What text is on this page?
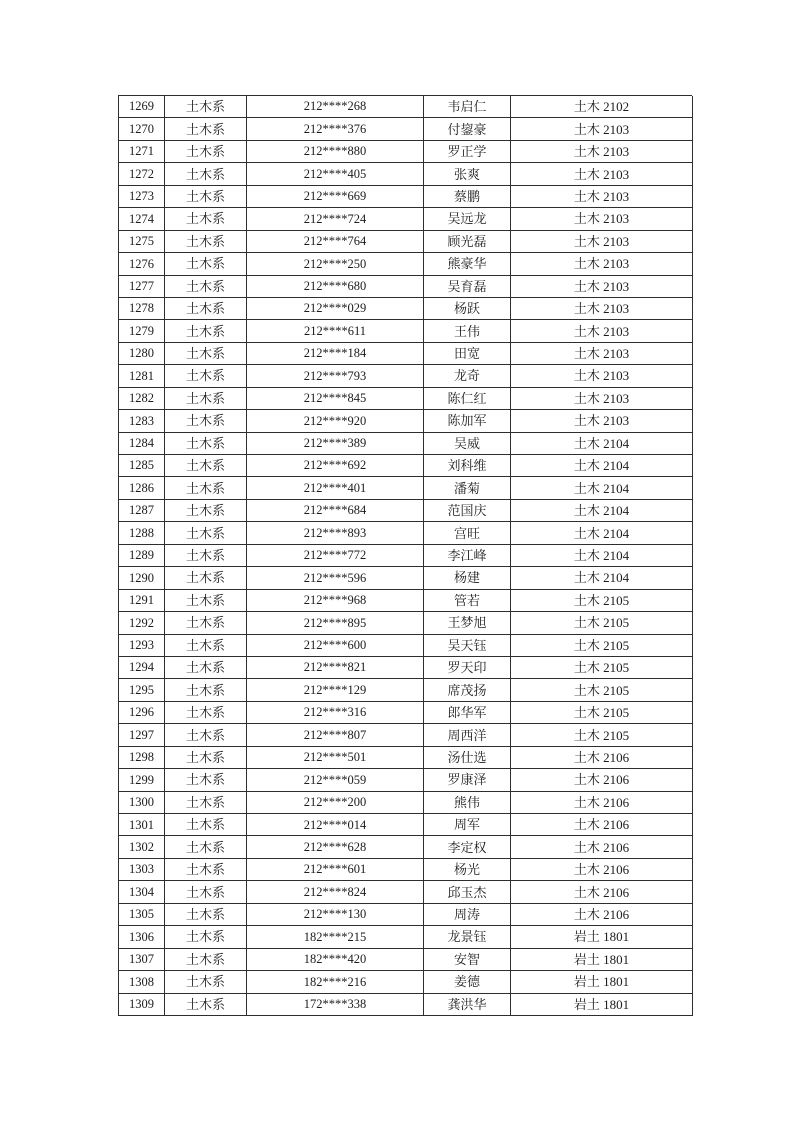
1269	土木系	212****268	韦启仁	土木 2102
1270	土木系	212****376	付鋆豪	土木 2103
1271	土木系	212****880	罗正学	土木 2103
1272	土木系	212****405	张爽	土木 2103
1273	土木系	212****669	蔡鹏	土木 2103
1274	土木系	212****724	吴远龙	土木 2103
1275	土木系	212****764	顾光磊	土木 2103
1276	土木系	212****250	熊豪华	土木 2103
1277	土木系	212****680	吴育磊	土木 2103
1278	土木系	212****029	杨跃	土木 2103
1279	土木系	212****611	王伟	土木 2103
1280	土木系	212****184	田宽	土木 2103
1281	土木系	212****793	龙奇	土木 2103
1282	土木系	212****845	陈仁红	土木 2103
1283	土木系	212****920	陈加军	土木 2103
1284	土木系	212****389	吴威	土木 2104
1285	土木系	212****692	刘科维	土木 2104
1286	土木系	212****401	潘菊	土木 2104
1287	土木系	212****684	范国庆	土木 2104
1288	土木系	212****893	宫旺	土木 2104
1289	土木系	212****772	李江峰	土木 2104
1290	土木系	212****596	杨建	土木 2104
1291	土木系	212****968	管若	土木 2105
1292	土木系	212****895	王梦旭	土木 2105
1293	土木系	212****600	吴天钰	土木 2105
1294	土木系	212****821	罗天印	土木 2105
1295	土木系	212****129	席茂扬	土木 2105
1296	土木系	212****316	郎华军	土木 2105
1297	土木系	212****807	周西洋	土木 2105
1298	土木系	212****501	汤仕选	土木 2106
1299	土木系	212****059	罗康泽	土木 2106
1300	土木系	212****200	熊伟	土木 2106
1301	土木系	212****014	周军	土木 2106
1302	土木系	212****628	李定权	土木 2106
1303	土木系	212****601	杨光	土木 2106
1304	土木系	212****824	邱玉杰	土木 2106
1305	土木系	212****130	周涛	土木 2106
1306	土木系	182****215	龙景钰	岩土 1801
1307	土木系	182****420	安智	岩土 1801
1308	土木系	182****216	姜德	岩土 1801
1309	土木系	172****338	龚洪华	岩土 1801
